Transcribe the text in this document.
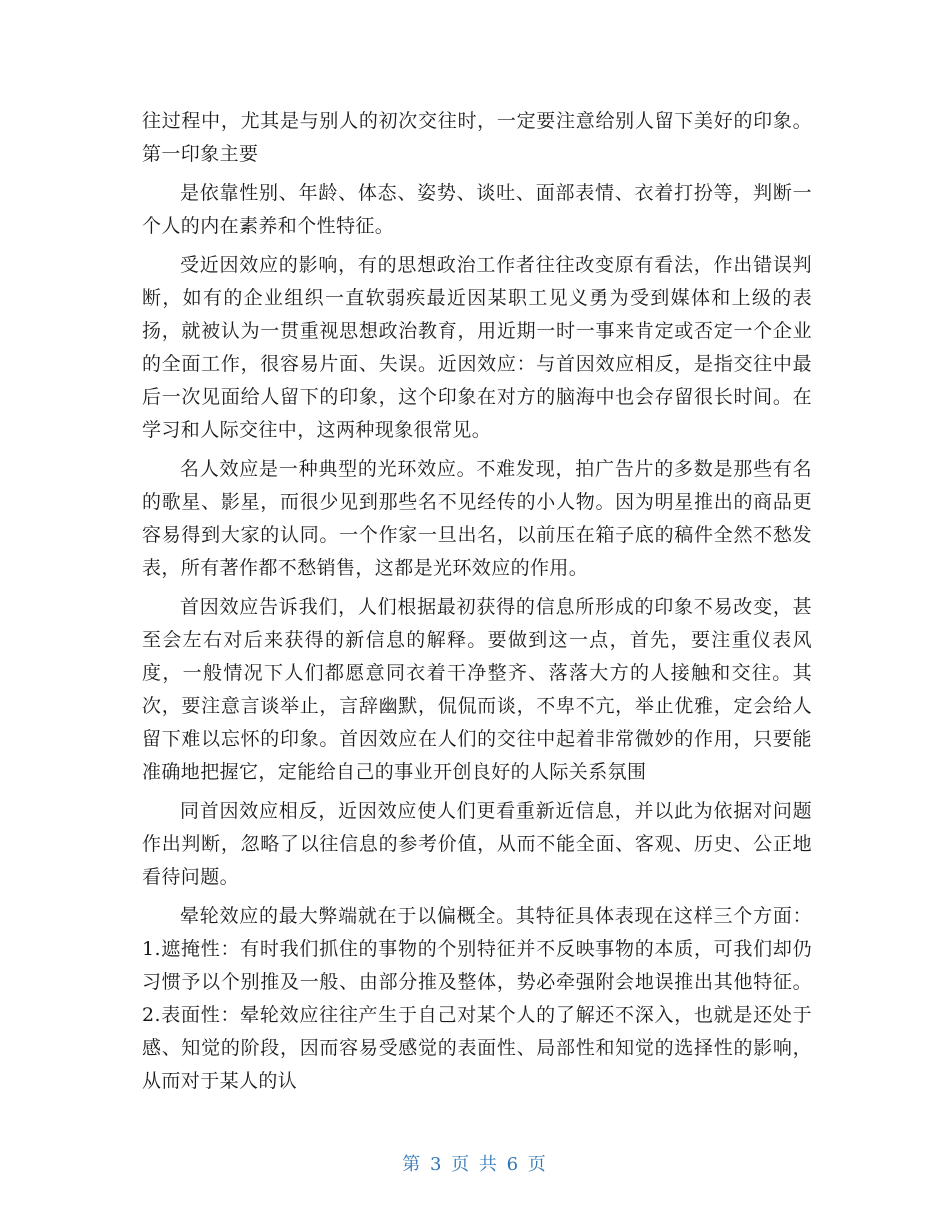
往过程中，尤其是与别人的初次交往时，一定要注意给别人留下美好的印象。第一印象主要

是依靠性别、年龄、体态、姿势、谈吐、面部表情、衣着打扮等，判断一个人的内在素养和个性特征。

受近因效应的影响，有的思想政治工作者往往改变原有看法，作出错误判断，如有的企业组织一直软弱疾最近因某职工见义勇为受到媒体和上级的表扬，就被认为一贯重视思想政治教育，用近期一时一事来肯定或否定一个企业的全面工作，很容易片面、失误。近因效应：与首因效应相反，是指交往中最后一次见面给人留下的印象，这个印象在对方的脑海中也会存留很长时间。在学习和人际交往中，这两种现象很常见。

名人效应是一种典型的光环效应。不难发现，拍广告片的多数是那些有名的歌星、影星，而很少见到那些名不见经传的小人物。因为明星推出的商品更容易得到大家的认同。一个作家一旦出名，以前压在箱子底的稿件全然不愁发表，所有著作都不愁销售，这都是光环效应的作用。

首因效应告诉我们，人们根据最初获得的信息所形成的印象不易改变，甚至会左右对后来获得的新信息的解释。要做到这一点，首先，要注重仪表风度，一般情况下人们都愿意同衣着干净整齐、落落大方的人接触和交往。其次，要注意言谈举止，言辞幽默，侃侃而谈，不卑不亢，举止优雅，定会给人留下难以忘怀的印象。首因效应在人们的交往中起着非常微妙的作用，只要能准确地把握它，定能给自己的事业开创良好的人际关系氛围

同首因效应相反，近因效应使人们更看重新近信息，并以此为依据对问题作出判断，忽略了以往信息的参考价值，从而不能全面、客观、历史、公正地看待问题。

晕轮效应的最大弊端就在于以偏概全。其特征具体表现在这样三个方面：1.遮掩性：有时我们抓住的事物的个别特征并不反映事物的本质，可我们却仍习惯予以个别推及一般、由部分推及整体，势必牵强附会地误推出其他特征。2.表面性：晕轮效应往往产生于自己对某个人的了解还不深入，也就是还处于感、知觉的阶段，因而容易受感觉的表面性、局部性和知觉的选择性的影响，从而对于某人的认

第 3 页 共 6 页
